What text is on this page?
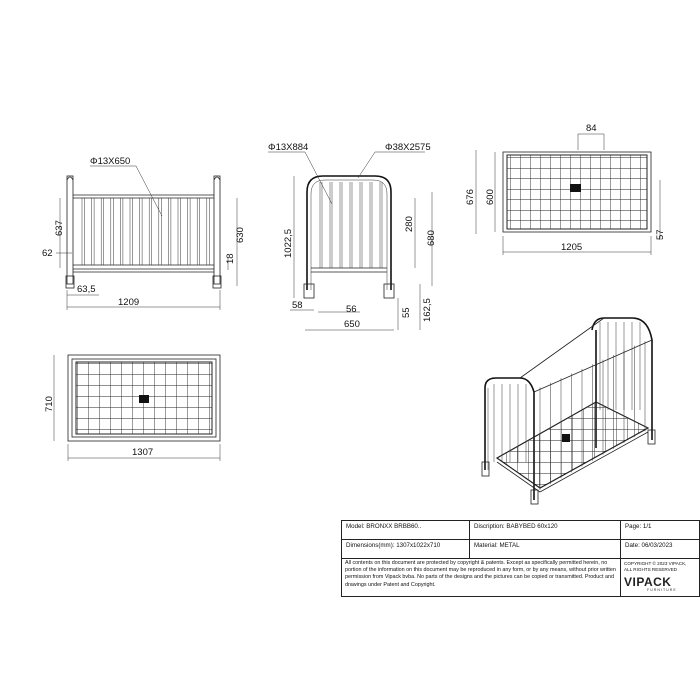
Φ13X650
637	630
18
62
63,5
1209
Φ13X884	Φ38X2575
1022,5
280
680
55 162,5
58	56
650
600
676
84
57
1205
710
1307
Model: BRONXX BRBB60..	Discription: BABYBED 60x120	Page: 1/1
Dimensions(mm): 1307x1022x710	Material: METAL	Date: 06/03/2023
All contents on this document are protected by copyright & patents. Except as specifically permitted herein, no portion of the information on this document may be reproduced in any form, or by any means, without prior written permission from Vipack bvba. No parts of the designs and the pictures can be copied or transmitted. Product and drawings under Patent and Copyright.
COPYRIGHT © 2023 VIPACK,
ALL RIGHTS RESERVED
VIPACK
FURNITURE
